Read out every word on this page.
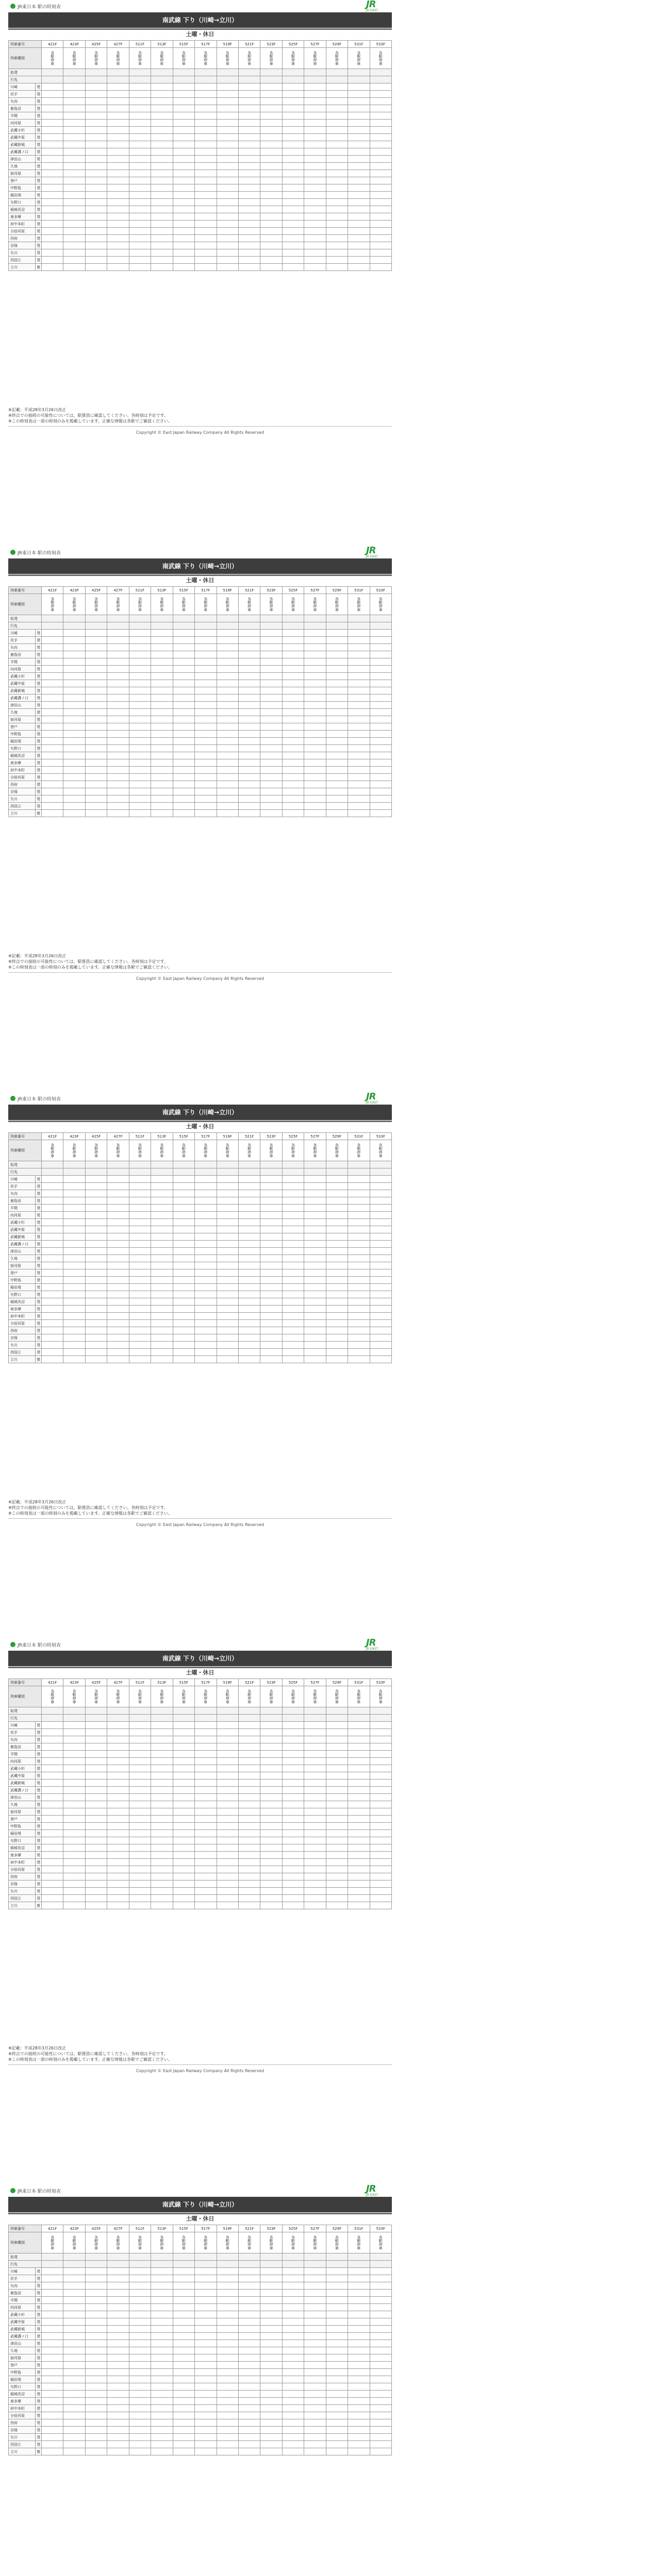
JR東日本 駅の時刻表	JR
JR EAST
南武線 下り（川崎→立川）
土曜・休日
列車番号		421F	423F	425F	427F	511F	513F	515F	517F	519F	521F	523F	525F	527F	529F	531F	533F
列車種別		各駅停車	各駅停車	各駅停車	各駅停車	各駅停車	各駅停車	各駅停車	各駅停車	各駅停車	各駅停車	各駅停車	各駅停車	各駅停車	各駅停車	各駅停車	各駅停車

始発																	
行先																	
川崎	発																
尻手	発																
矢向	発																
鹿島田	発																
平間	発																
向河原	発																
武蔵小杉	発																
武蔵中原	発																
武蔵新城	発																
武蔵溝ノ口	発																
津田山	発																
久地	発																
宿河原	発																
登戸	発																
中野島	発																
稲田堤	発																
矢野口	発																
稲城長沼	発																
南多摩	発																
府中本町	発																
分倍河原	発																
西府	発																
谷保	発																
矢川	発																
西国立	発																
立川	着																
※記載：平成28年3月26日改正
※終点での接続の可能性については、駅係員に確認してください。各時刻は予定です。
※この時刻表は一部の時刻のみを掲載しています。正確な情報は各駅でご確認ください。
Copyright © East Japan Railway Company All Rights Reserved
JR東日本 駅の時刻表	JR
JR EAST
南武線 下り（川崎→立川）
土曜・休日
列車番号		421F	423F	425F	427F	511F	513F	515F	517F	519F	521F	523F	525F	527F	529F	531F	533F
列車種別		各駅停車	各駅停車	各駅停車	各駅停車	各駅停車	各駅停車	各駅停車	各駅停車	各駅停車	各駅停車	各駅停車	各駅停車	各駅停車	各駅停車	各駅停車	各駅停車

始発																	
行先																	
川崎	発																
尻手	発																
矢向	発																
鹿島田	発																
平間	発																
向河原	発																
武蔵小杉	発																
武蔵中原	発																
武蔵新城	発																
武蔵溝ノ口	発																
津田山	発																
久地	発																
宿河原	発																
登戸	発																
中野島	発																
稲田堤	発																
矢野口	発																
稲城長沼	発																
南多摩	発																
府中本町	発																
分倍河原	発																
西府	発																
谷保	発																
矢川	発																
西国立	発																
立川	着																
※記載：平成28年3月26日改正
※終点での接続の可能性については、駅係員に確認してください。各時刻は予定です。
※この時刻表は一部の時刻のみを掲載しています。正確な情報は各駅でご確認ください。
Copyright © East Japan Railway Company All Rights Reserved
JR東日本 駅の時刻表	JR
JR EAST
南武線 下り（川崎→立川）
土曜・休日
列車番号		421F	423F	425F	427F	511F	513F	515F	517F	519F	521F	523F	525F	527F	529F	531F	533F
列車種別		各駅停車	各駅停車	各駅停車	各駅停車	各駅停車	各駅停車	各駅停車	各駅停車	各駅停車	各駅停車	各駅停車	各駅停車	各駅停車	各駅停車	各駅停車	各駅停車

始発																	
行先																	
川崎	発																
尻手	発																
矢向	発																
鹿島田	発																
平間	発																
向河原	発																
武蔵小杉	発																
武蔵中原	発																
武蔵新城	発																
武蔵溝ノ口	発																
津田山	発																
久地	発																
宿河原	発																
登戸	発																
中野島	発																
稲田堤	発																
矢野口	発																
稲城長沼	発																
南多摩	発																
府中本町	発																
分倍河原	発																
西府	発																
谷保	発																
矢川	発																
西国立	発																
立川	着																
※記載：平成28年3月26日改正
※終点での接続の可能性については、駅係員に確認してください。各時刻は予定です。
※この時刻表は一部の時刻のみを掲載しています。正確な情報は各駅でご確認ください。
Copyright © East Japan Railway Company All Rights Reserved
JR東日本 駅の時刻表	JR
JR EAST
南武線 下り（川崎→立川）
土曜・休日
列車番号		421F	423F	425F	427F	511F	513F	515F	517F	519F	521F	523F	525F	527F	529F	531F	533F
列車種別		各駅停車	各駅停車	各駅停車	各駅停車	各駅停車	各駅停車	各駅停車	各駅停車	各駅停車	各駅停車	各駅停車	各駅停車	各駅停車	各駅停車	各駅停車	各駅停車

始発																	
行先																	
川崎	発																
尻手	発																
矢向	発																
鹿島田	発																
平間	発																
向河原	発																
武蔵小杉	発																
武蔵中原	発																
武蔵新城	発																
武蔵溝ノ口	発																
津田山	発																
久地	発																
宿河原	発																
登戸	発																
中野島	発																
稲田堤	発																
矢野口	発																
稲城長沼	発																
南多摩	発																
府中本町	発																
分倍河原	発																
西府	発																
谷保	発																
矢川	発																
西国立	発																
立川	着																
※記載：平成28年3月26日改正
※終点での接続の可能性については、駅係員に確認してください。各時刻は予定です。
※この時刻表は一部の時刻のみを掲載しています。正確な情報は各駅でご確認ください。
Copyright © East Japan Railway Company All Rights Reserved
JR東日本 駅の時刻表	JR
JR EAST
南武線 下り（川崎→立川）
土曜・休日
列車番号		421F	423F	425F	427F	511F	513F	515F	517F	519F	521F	523F	525F	527F	529F	531F	533F
列車種別		各駅停車	各駅停車	各駅停車	各駅停車	各駅停車	各駅停車	各駅停車	各駅停車	各駅停車	各駅停車	各駅停車	各駅停車	各駅停車	各駅停車	各駅停車	各駅停車

始発																	
行先																	
川崎	発																
尻手	発																
矢向	発																
鹿島田	発																
平間	発																
向河原	発																
武蔵小杉	発																
武蔵中原	発																
武蔵新城	発																
武蔵溝ノ口	発																
津田山	発																
久地	発																
宿河原	発																
登戸	発																
中野島	発																
稲田堤	発																
矢野口	発																
稲城長沼	発																
南多摩	発																
府中本町	発																
分倍河原	発																
西府	発																
谷保	発																
矢川	発																
西国立	発																
立川	着																
